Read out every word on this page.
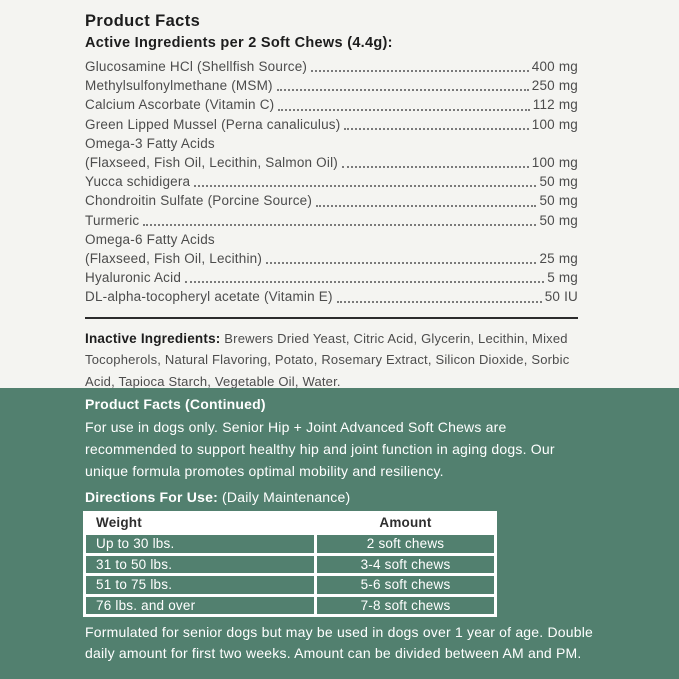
Product Facts
Active Ingredients per 2 Soft Chews (4.4g):
Glucosamine HCl (Shellfish Source)	400 mg
Methylsulfonylmethane (MSM)	250 mg
Calcium Ascorbate (Vitamin C)	112 mg
Green Lipped Mussel (Perna canaliculus)	100 mg
Omega-3 Fatty Acids
(Flaxseed, Fish Oil, Lecithin, Salmon Oil)	100 mg
Yucca schidigera	50 mg
Chondroitin Sulfate (Porcine Source)	50 mg
Turmeric	50 mg
Omega-6 Fatty Acids
(Flaxseed, Fish Oil, Lecithin)	25 mg
Hyaluronic Acid	5 mg
DL-alpha-tocopheryl acetate (Vitamin E)	50 IU

Inactive Ingredients: Brewers Dried Yeast, Citric Acid, Glycerin, Lecithin, Mixed Tocopherols, Natural Flavoring, Potato, Rosemary Extract, Silicon Dioxide, Sorbic Acid, Tapioca Starch, Vegetable Oil, Water.

Product Facts (Continued)

For use in dogs only. Senior Hip + Joint Advanced Soft Chews are recommended to support healthy hip and joint function in aging dogs. Our unique formula promotes optimal mobility and resiliency.

Directions For Use: (Daily Maintenance)

Weight	Amount
Up to 30 lbs.	2 soft chews
31 to 50 lbs.	3-4 soft chews
51 to 75 lbs.	5-6 soft chews
76 lbs. and over	7-8 soft chews

Formulated for senior dogs but may be used in dogs over 1 year of age. Double daily amount for first two weeks. Amount can be divided between AM and PM.
